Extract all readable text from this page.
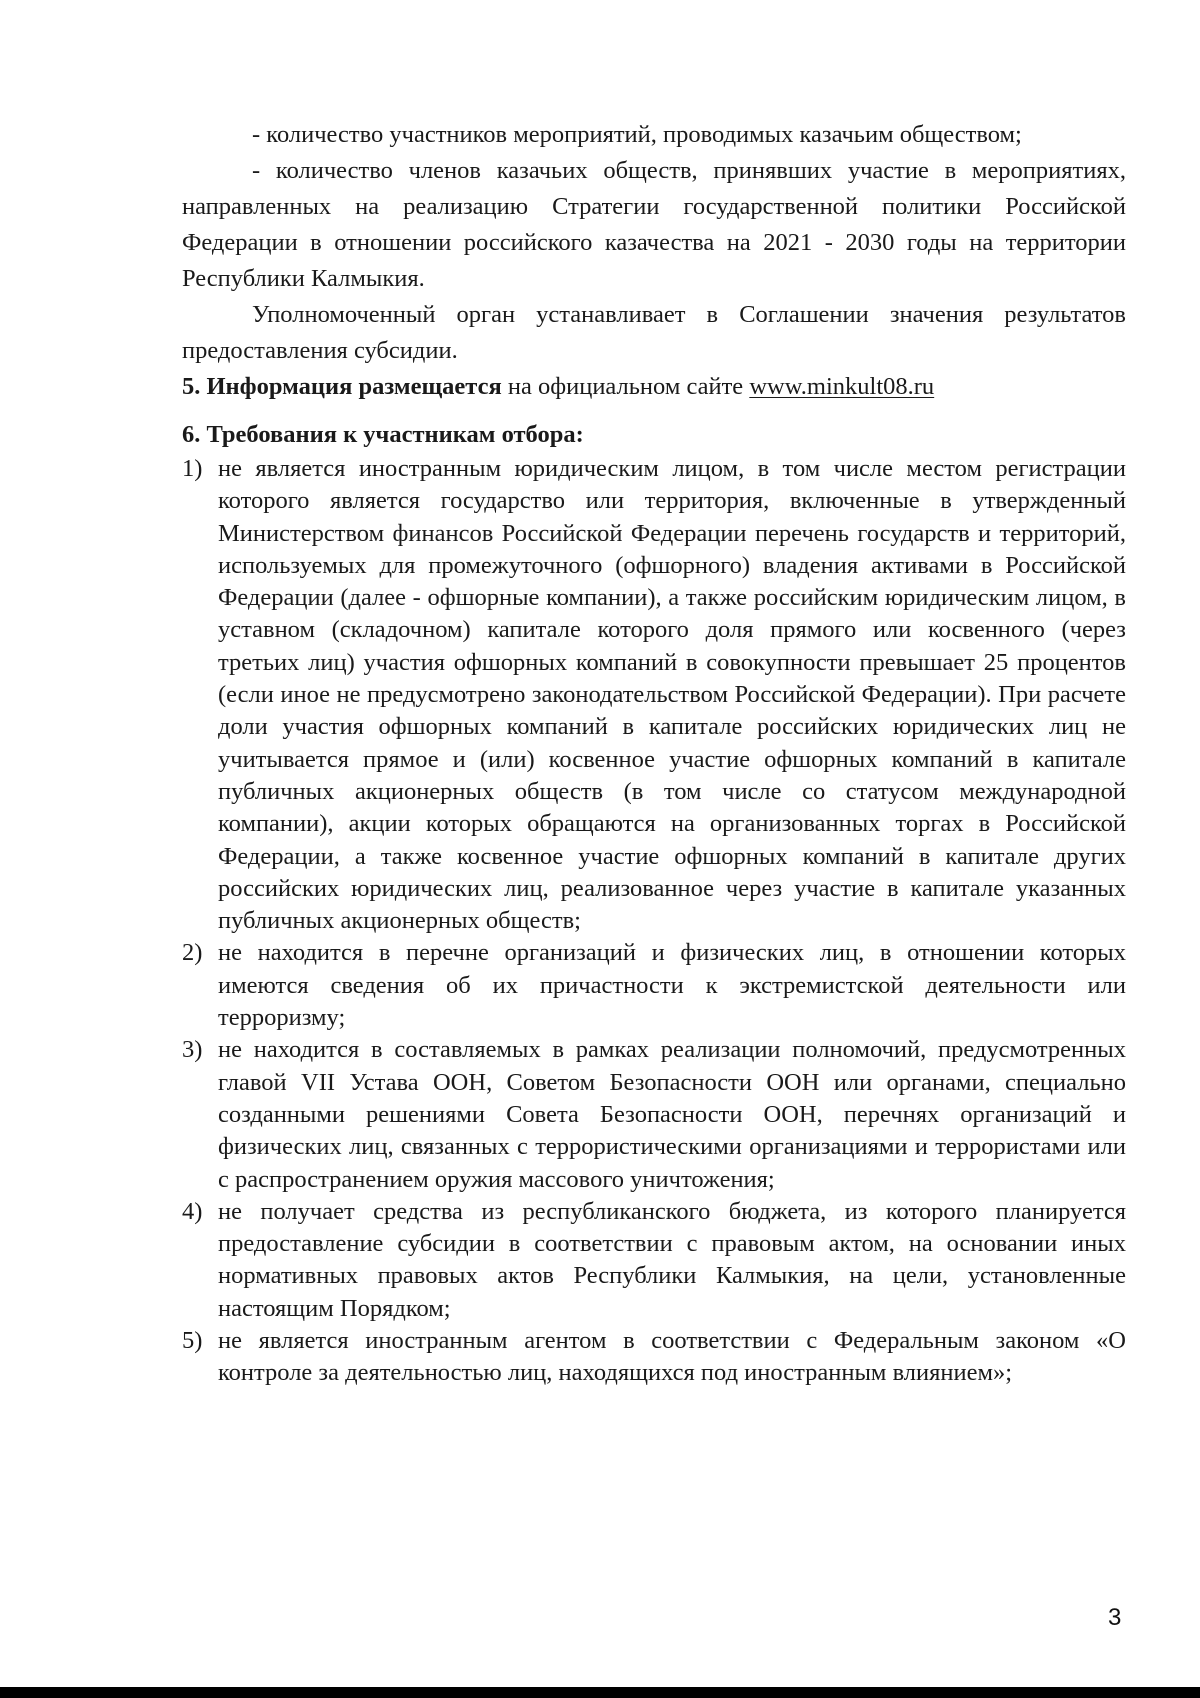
- количество участников мероприятий, проводимых казачьим обществом;

- количество членов казачьих обществ, принявших участие в мероприятиях, направленных на реализацию Стратегии государственной политики Российской Федерации в отношении российского казачества на 2021 - 2030 годы на территории Республики Калмыкия.

Уполномоченный орган устанавливает в Соглашении значения результатов предоставления субсидии.

5. Информация размещается на официальном сайте www.minkult08.ru

6. Требования к участникам отбора:

1) не является иностранным юридическим лицом, в том числе местом регистрации которого является государство или территория, включенные в утвержденный Министерством финансов Российской Федерации перечень государств и территорий, используемых для промежуточного (офшорного) владения активами в Российской Федерации (далее - офшорные компании), а также российским юридическим лицом, в уставном (складочном) капитале которого доля прямого или косвенного (через третьих лиц) участия офшорных компаний в совокупности превышает 25 процентов (если иное не предусмотрено законодательством Российской Федерации). При расчете доли участия офшорных компаний в капитале российских юридических лиц не учитывается прямое и (или) косвенное участие офшорных компаний в капитале публичных акционерных обществ (в том числе со статусом международной компании), акции которых обращаются на организованных торгах в Российской Федерации, а также косвенное участие офшорных компаний в капитале других российских юридических лиц, реализованное через участие в капитале указанных публичных акционерных обществ;
2) не находится в перечне организаций и физических лиц, в отношении которых имеются сведения об их причастности к экстремистской деятельности или терроризму;
3) не находится в составляемых в рамках реализации полномочий, предусмотренных главой VII Устава ООН, Советом Безопасности ООН или органами, специально созданными решениями Совета Безопасности ООН, перечнях организаций и физических лиц, связанных с террористическими организациями и террористами или с распространением оружия массового уничтожения;
4) не получает средства из республиканского бюджета, из которого планируется предоставление субсидии в соответствии с правовым актом, на основании иных нормативных правовых актов Республики Калмыкия, на цели, установленные настоящим Порядком;
5) не является иностранным агентом в соответствии с Федеральным законом «О контроле за деятельностью лиц, находящихся под иностранным влиянием»;
3
